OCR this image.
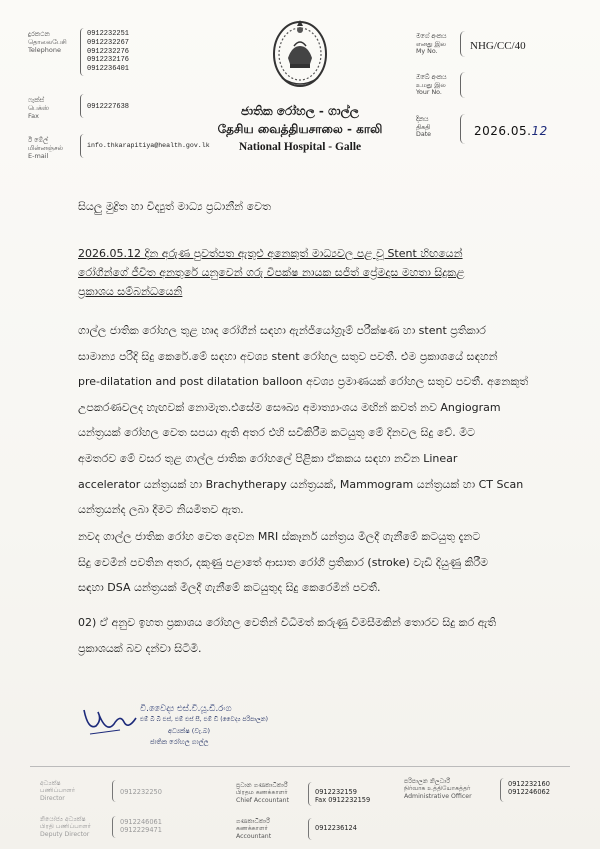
දුරකථන
தொலைபேசி
Telephone
0912232251
0912232267
0912232276
0912232176
0912236401
ෆැක්ස්
பெக்ஸ்
Fax
0912227638
ඊ මේල්
மின்னஞ்சல்
E-mail
info.thkarapitiya@health.gov.lk
ජාතික රෝහල - ගාල්ල
தேசிய வைத்தியசாலை - காலி
National Hospital - Galle
මගේ අංකය
எனது இல
My No.	NHG/CC/40
ඔබේ අංකය
உமது இல
Your No.
දිනය
திகதி
Date	2026.05.12
සියලු මුද්‍රිත හා විද්‍යුත් මාධ්‍ය ප්‍රධානීන් වෙත
2026.05.12 දින අරුණ පුවත්පත ඇතුළු අනෙකුත් මාධ්‍යවල පළ වූ Stent හිඟයෙන්
රෝගීන්ගේ ජීවිත අනතුරේ යනුවෙන් ගරු විපක්ෂ නායක සජිත් ප්‍රේමදාස මහතා සිදුකළ
ප්‍රකාශය සම්බන්ධයෙනි
ගාල්ල ජාතික රෝහල තුළ හෘද රෝගීන් සඳහා ඇන්ජියෝග්‍රෑම් පරීක්ෂණ හා stent ප්‍රතිකාර
සාමාන්‍ය පරිදි සිදු කෙරේ.මේ සඳහා අවශ්‍ය stent රෝහල සතුව පවතී. එම ප්‍රකාශයේ සඳහන්
pre-dilatation and post dilatation balloon අවශ්‍ය ප්‍රමාණයක් රෝහල සතුව පවතී. අනෙකුත්
උපකරණවලද හැඟවක් නොමැත.එසේම සෞඛ්‍ය අමාත්‍යාංශය මඟින් කවත් නව Angiogram
යන්ත්‍රයක් රෝහල වෙත සපයා ඇති අතර එහි සවිකිරීම කටයුතු මේ දිනවල සිදු වේ. මීට
අමතරව මේ වසර තුළ ගාල්ල ජාතික රෝහලේ පිළිකා ඒකකය සඳහා නවීන Linear
accelerator යන්ත්‍රයක් හා Brachytherapy යන්ත්‍රයක්, Mammogram යන්ත්‍රයක් හා CT Scan
යන්ත්‍රයන්ද ලබා දීමට නියමිතව ඇත.
නවද ගාල්ල ජාතික රෝහ වෙත දෙවන MRI ස්කෑනර් යන්ත්‍රය මිලදී ගැනීමේ කටයුතු දැනට
සිදු වෙමින් පවතින අතර, දකුණු පළාතේ ආඝාත රෝගී ප්‍රතිකාර (stroke) වැඩි දියුණු කිරීම
සඳහා DSA යන්ත්‍රයක් මිලදී ගැනීමේ කටයුතුද සිදු කෙරෙමින් පවතී.
02) ඒ අනුව ඉහත ප්‍රකාශය රෝහල වෙතින් විධිමත් කරුණු විමසීමකින් තොරව සිදු කර ඇති
ප්‍රකාශයක් බව දන්වා සිටිමි.
වි.වෛද්‍ය එස්.වි.යූ.ඩී.රංග
එම් බී බී එස්, එම් එස් සී, එම් ඩී (වෛද්‍ය පරිපාලන)
අධ්‍යක්ෂ (වැ.බ)
ජාතික රෝහල ගාල්ල
අධ්‍යක්ෂ
பணிப்பாளர்
Director
0912232250
නියෝජ්‍ය අධ්‍යක්ෂ
பிரதி பணிப்பாளர்
Deputy Director
0912246061
0912229471
ප්‍රධාන ගණකාධිකාරී
பிரதம கணக்காளர்
Chief Accountant
0912232159
Fax 0912232159
ගණකාධිකාරී
கணக்காளர்
Accountant
0912236124
පරිපාලන නිලධාරී
நிர்வாக உத்தியோகத்தர்
Administrative Officer
0912232160
0912246062
